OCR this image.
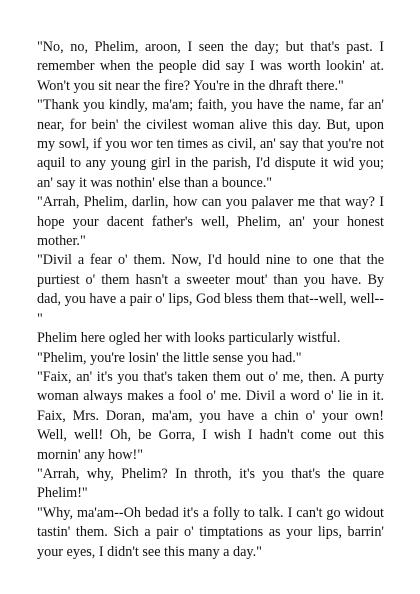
"No, no, Phelim, aroon, I seen the day; but that's past. I remember when the people did say I was worth lookin' at. Won't you sit near the fire? You're in the dhraft there."

"Thank you kindly, ma'am; faith, you have the name, far an' near, for bein' the civilest woman alive this day. But, upon my sowl, if you wor ten times as civil, an' say that you're not aquil to any young girl in the parish, I'd dispute it wid you; an' say it was nothin' else than a bounce."

"Arrah, Phelim, darlin, how can you palaver me that way? I hope your dacent father's well, Phelim, an' your honest mother."

"Divil a fear o' them. Now, I'd hould nine to one that the purtiest o' them hasn't a sweeter mout' than you have. By dad, you have a pair o' lips, God bless them that--well, well--"

Phelim here ogled her with looks particularly wistful.

"Phelim, you're losin' the little sense you had."

"Faix, an' it's you that's taken them out o' me, then. A purty woman always makes a fool o' me. Divil a word o' lie in it. Faix, Mrs. Doran, ma'am, you have a chin o' your own! Well, well! Oh, be Gorra, I wish I hadn't come out this mornin' any how!"

"Arrah, why, Phelim? In throth, it's you that's the quare Phelim!"

"Why, ma'am--Oh bedad it's a folly to talk. I can't go widout tastin' them. Sich a pair o' timptations as your lips, barrin' your eyes, I didn't see this many a day."
